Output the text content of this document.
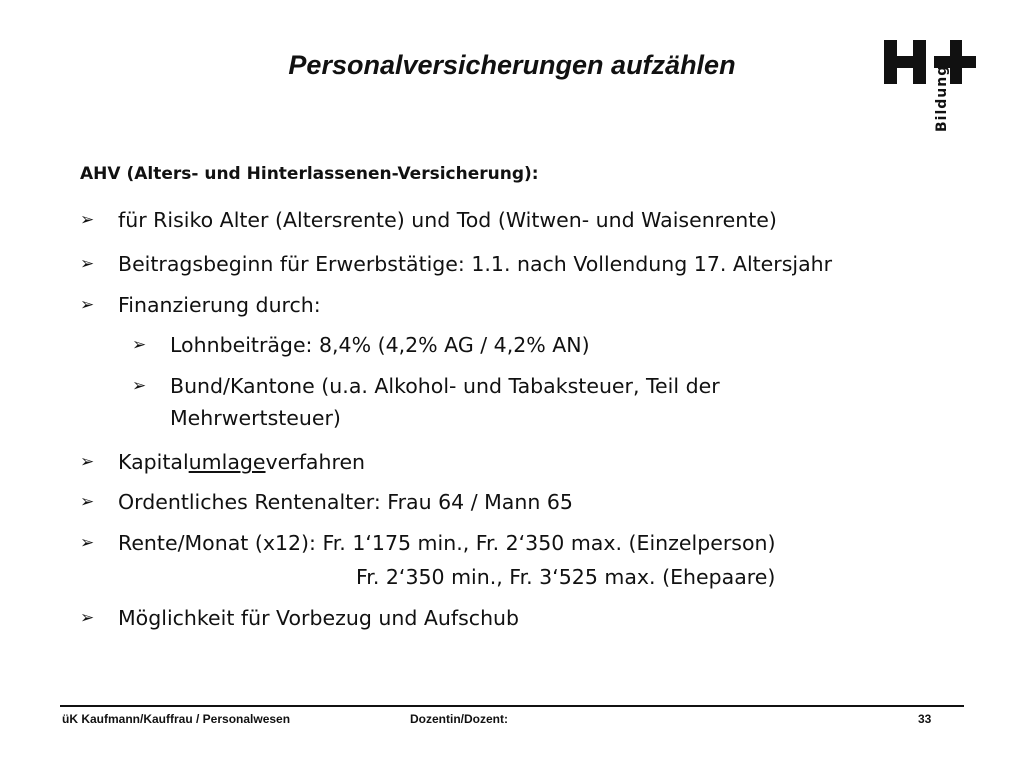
Personalversicherungen aufzählen	Bildung
AHV (Alters- und Hinterlassenen-Versicherung):
➢ für Risiko Alter (Altersrente) und Tod (Witwen- und Waisenrente)
➢ Beitragsbeginn für Erwerbstätige: 1.1. nach Vollendung 17. Altersjahr
➢ Finanzierung durch:
➢ Lohnbeiträge: 8,4% (4,2% AG / 4,2% AN)
➢ Bund/Kantone (u.a. Alkohol- und Tabaksteuer, Teil der
Mehrwertsteuer)
➢ Kapitalumlageverfahren
➢ Ordentliches Rentenalter: Frau 64 / Mann 65
➢ Rente/Monat (x12): Fr. 1‘175 min., Fr. 2‘350 max. (Einzelperson)
Fr. 2‘350 min., Fr. 3‘525 max. (Ehepaare)
➢ Möglichkeit für Vorbezug und Aufschub
üK Kaufmann/Kauffrau / Personalwesen	Dozentin/Dozent:	33
